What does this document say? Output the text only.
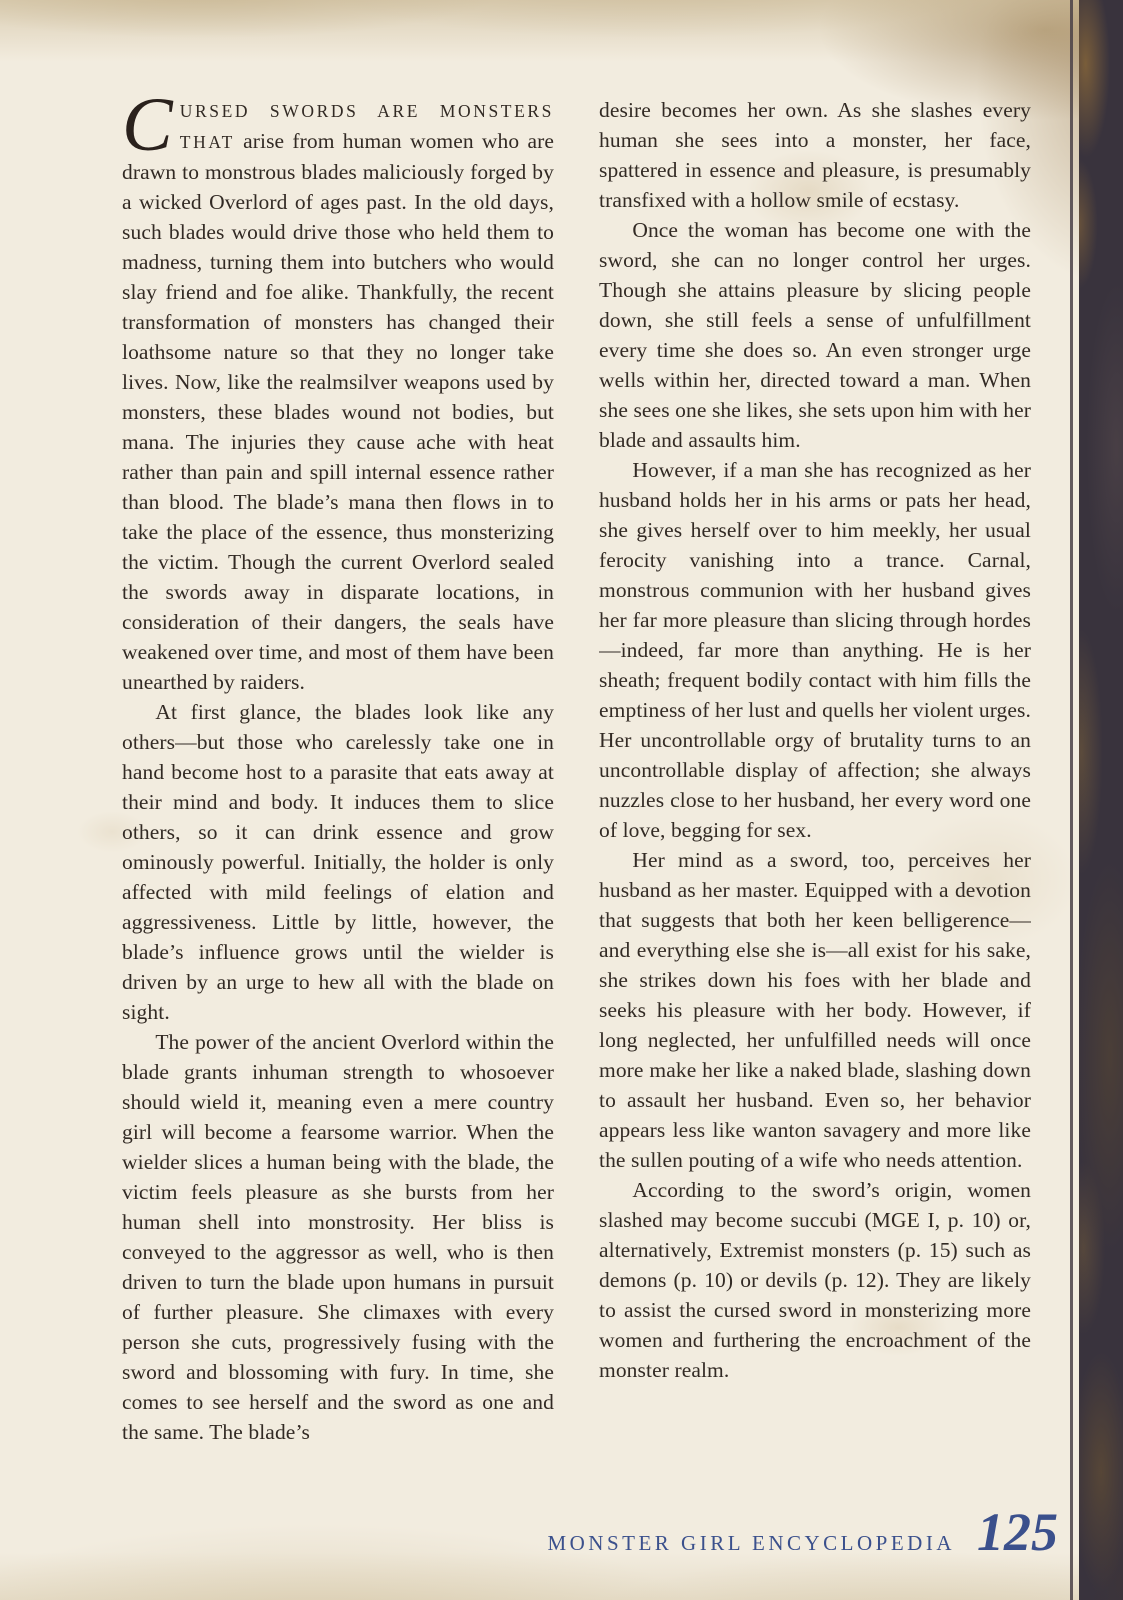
C URSED SWORDS ARE MONSTERS THAT arise from human women who are drawn to monstrous blades maliciously forged by a wicked Overlord of ages past. In the old days, such blades would drive those who held them to madness, turning them into butchers who would slay friend and foe alike. Thankfully, the recent transformation of monsters has changed their loathsome nature so that they no longer take lives. Now, like the realmsilver weapons used by monsters, these blades wound not bodies, but mana. The injuries they cause ache with heat rather than pain and spill internal essence rather than blood. The blade’s mana then flows in to take the place of the essence, thus monsterizing the victim. Though the current Overlord sealed the swords away in disparate locations, in consideration of their dangers, the seals have weakened over time, and most of them have been unearthed by raiders.

At first glance, the blades look like any others—but those who carelessly take one in hand become host to a parasite that eats away at their mind and body. It induces them to slice others, so it can drink essence and grow ominously powerful. Initially, the holder is only affected with mild feelings of elation and aggressiveness. Little by little, however, the blade’s influence grows until the wielder is driven by an urge to hew all with the blade on sight.

The power of the ancient Overlord within the blade grants inhuman strength to whosoever should wield it, meaning even a mere country girl will become a fearsome warrior. When the wielder slices a human being with the blade, the victim feels pleasure as she bursts from her human shell into monstrosity. Her bliss is conveyed to the aggressor as well, who is then driven to turn the blade upon humans in pursuit of further pleasure. She climaxes with every person she cuts, progressively fusing with the sword and blossoming with fury. In time, she comes to see herself and the sword as one and the same. The blade’s

desire becomes her own. As she slashes every human she sees into a monster, her face, spattered in essence and pleasure, is presumably transfixed with a hollow smile of ecstasy.

Once the woman has become one with the sword, she can no longer control her urges. Though she attains pleasure by slicing people down, she still feels a sense of unfulfillment every time she does so. An even stronger urge wells within her, directed toward a man. When she sees one she likes, she sets upon him with her blade and assaults him.

However, if a man she has recognized as her husband holds her in his arms or pats her head, she gives herself over to him meekly, her usual ferocity vanishing into a trance. Carnal, monstrous communion with her husband gives her far more pleasure than slicing through hordes—indeed, far more than anything. He is her sheath; frequent bodily contact with him fills the emptiness of her lust and quells her violent urges. Her uncontrollable orgy of brutality turns to an uncontrollable display of affection; she always nuzzles close to her husband, her every word one of love, begging for sex.

Her mind as a sword, too, perceives her husband as her master. Equipped with a devotion that suggests that both her keen belligerence—and everything else she is—all exist for his sake, she strikes down his foes with her blade and seeks his pleasure with her body. However, if long neglected, her unfulfilled needs will once more make her like a naked blade, slashing down to assault her husband. Even so, her behavior appears less like wanton savagery and more like the sullen pouting of a wife who needs attention.

According to the sword’s origin, women slashed may become succubi (MGE I, p. 10) or, alternatively, Extremist monsters (p. 15) such as demons (p. 10) or devils (p. 12). They are likely to assist the cursed sword in monsterizing more women and furthering the encroachment of the monster realm.

MONSTER GIRL ENCYCLOPEDIA 125
